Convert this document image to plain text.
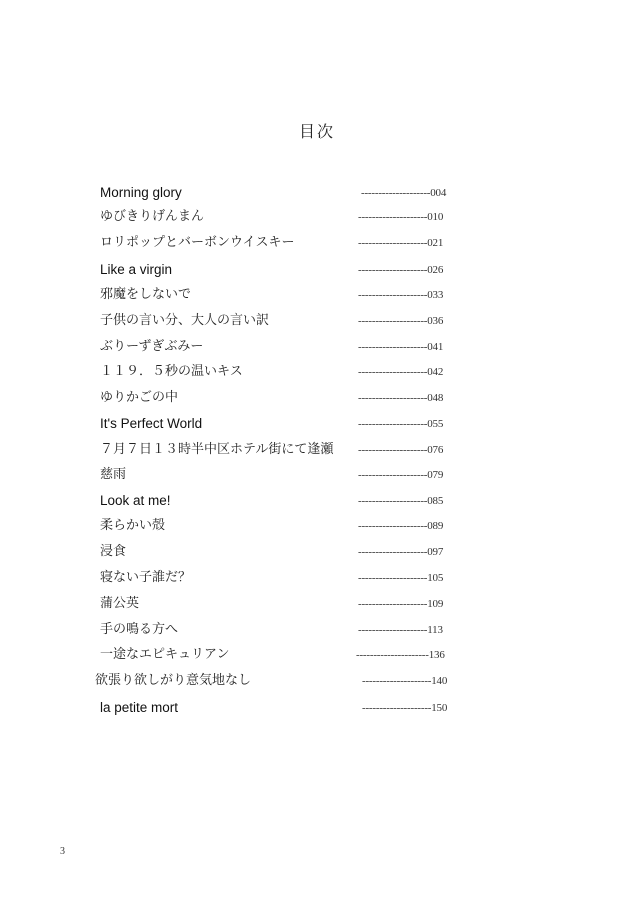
目次
Morning glory	--------------------004
ゆびきりげんまん	--------------------010
ロリポップとバーボンウイスキー	--------------------021
Like a virgin	--------------------026
邪魔をしないで	--------------------033
子供の言い分、大人の言い訳	--------------------036
ぶりーずぎぶみー	--------------------041
１１９．５秒の温いキス	--------------------042
ゆりかごの中	--------------------048
It's Perfect World	--------------------055
７月７日１３時半中区ホテル街にて逢瀬 --------------------076
慈雨	--------------------079
Look at me!	--------------------085
柔らかい殻	--------------------089
浸食	--------------------097
寝ない子誰だ？	--------------------105
蒲公英	--------------------109
手の鳴る方へ	--------------------113
一途なエピキュリアン	---------------------136
欲張り欲しがり意気地なし	--------------------140
la petite mort	--------------------150
3
